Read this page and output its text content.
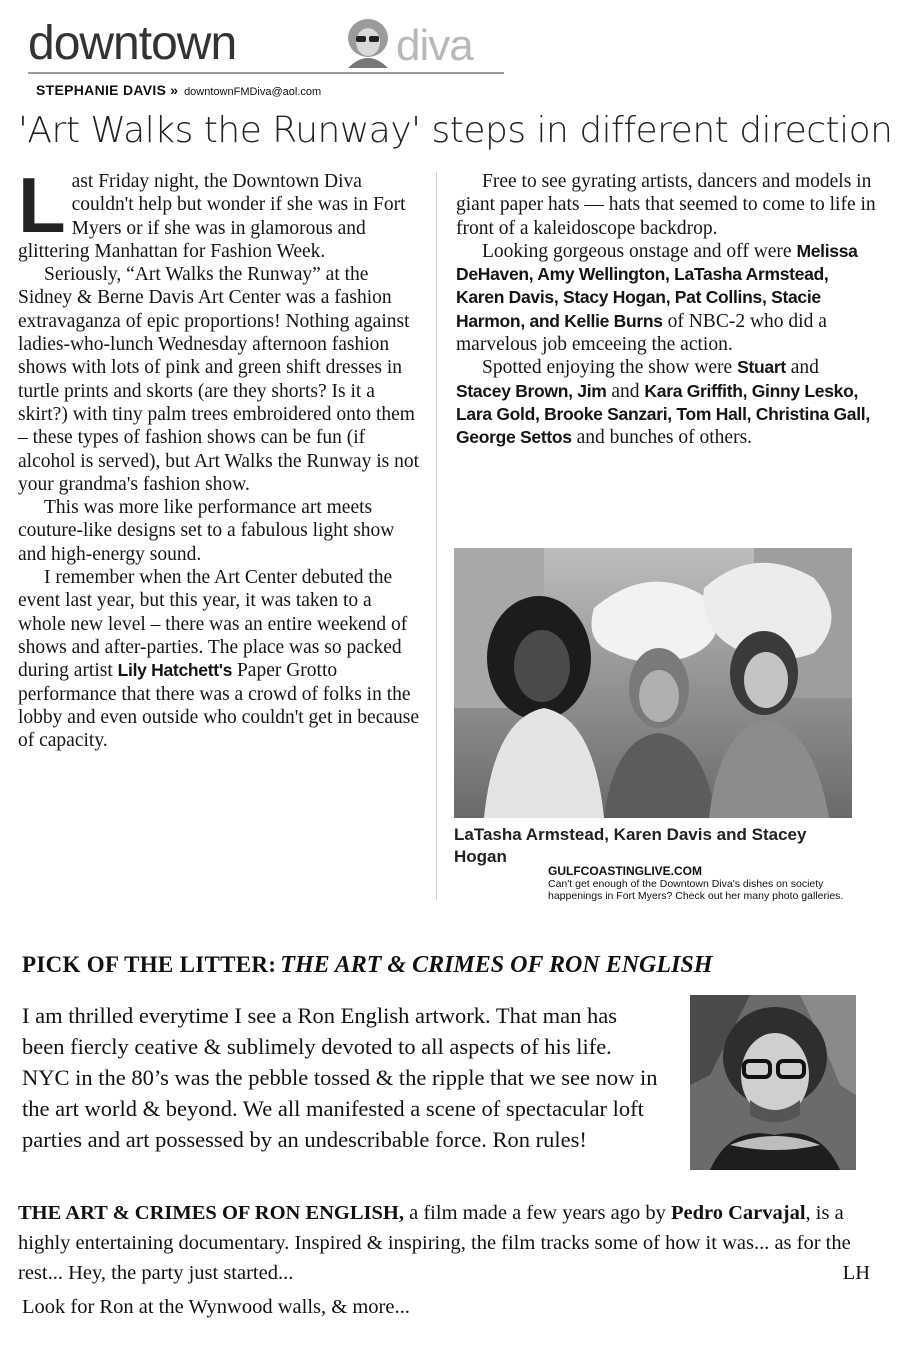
downtown	diva
STEPHANIE DAVIS » downtownFMDiva@aol.com
'Art Walks the Runway' steps in different direction

Last Friday night, the Downtown Diva couldn't help but wonder if she was in Fort Myers or if she was in glamorous and glittering Manhattan for Fashion Week.

Seriously, “Art Walks the Runway” at the Sidney & Berne Davis Art Center was a fashion extravaganza of epic proportions! Nothing against ladies-who-lunch Wednesday afternoon fashion shows with lots of pink and green shift dresses in turtle prints and skorts (are they shorts? Is it a skirt?) with tiny palm trees embroidered onto them – these types of fashion shows can be fun (if alcohol is served), but Art Walks the Runway is not your grandma's fashion show.

This was more like performance art meets couture-like designs set to a fabulous light show and high-energy sound.

I remember when the Art Center debuted the event last year, but this year, it was taken to a whole new level – there was an entire weekend of shows and after-parties. The place was so packed during artist Lily Hatchett's Paper Grotto performance that there was a crowd of folks in the lobby and even outside who couldn't get in because of capacity.

Free to see gyrating artists, dancers and models in giant paper hats — hats that seemed to come to life in front of a kaleidoscope backdrop.

Looking gorgeous onstage and off were Melissa DeHaven, Amy Wellington, LaTasha Armstead, Karen Davis, Stacy Hogan, Pat Collins, Stacie Harmon, and Kellie Burns of NBC-2 who did a marvelous job emceeing the action.

Spotted enjoying the show were Stuart and Stacey Brown, Jim and Kara Griffith, Ginny Lesko, Lara Gold, Brooke Sanzari, Tom Hall, Christina Gall, George Settos and bunches of others.

LaTasha Armstead, Karen Davis and Stacey Hogan
GULFCOASTINGLIVE.COM
Can't get enough of the Downtown Diva's dishes on society happenings in Fort Myers? Check out her many photo galleries.
PICK OF THE LITTER: THE ART & CRIMES OF RON ENGLISH

I am thrilled everytime I see a Ron English artwork. That man has been fiercly ceative & sublimely devoted to all aspects of his life. NYC in the 80’s was the pebble tossed & the ripple that we see now in the art world & beyond. We all manifested a scene of spectacular loft parties and art possessed by an undescribable force. Ron rules!

THE ART & CRIMES OF RON ENGLISH, a film made a few years ago by Pedro Carvajal, is a highly entertaining documentary. Inspired & inspiring, the film tracks some of how it was... as for the rest... Hey, the party just started...	LH
Look for Ron at the Wynwood walls, & more...
